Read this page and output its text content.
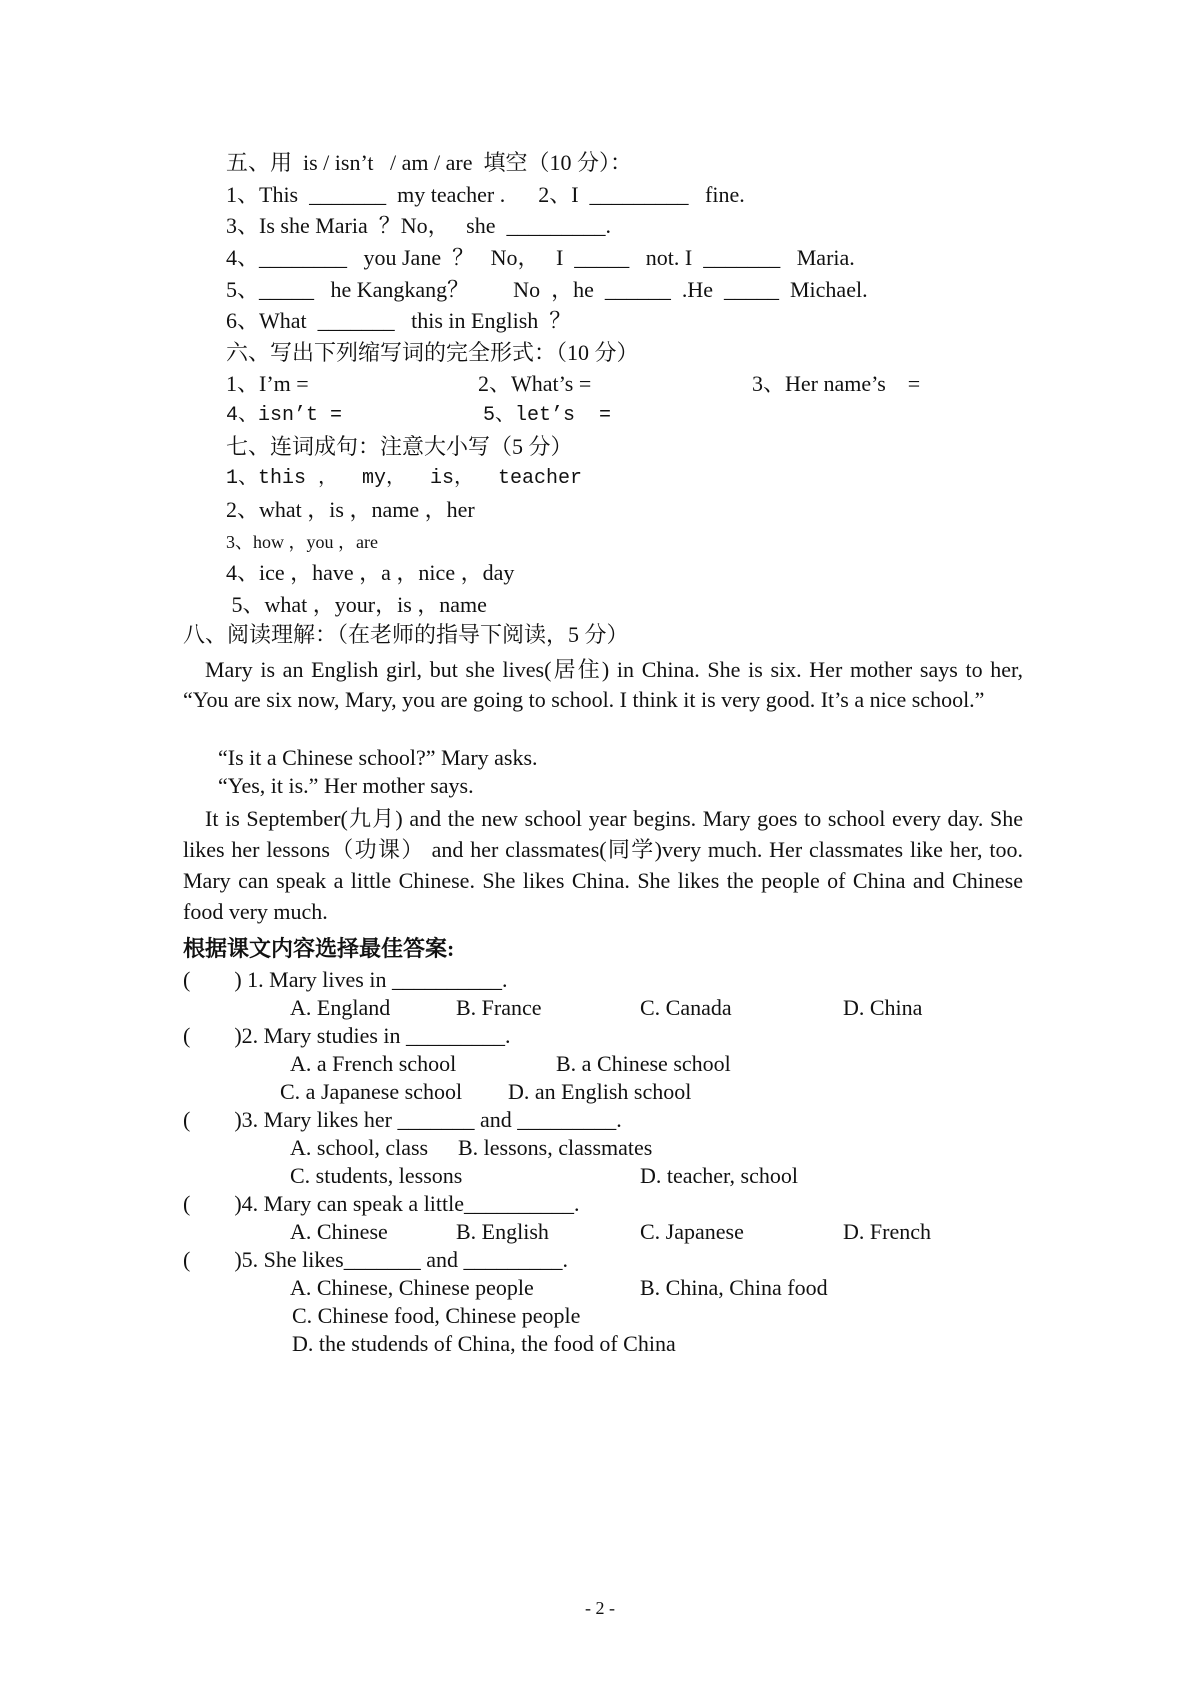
五、用  is / isn’t   / am / are  填空（10 分）：
1、This  _______  my teacher .      2、I  _________   fine.
3、Is she Maria  ？No，   she  _________.
4、________   you Jane  ？   No，   I  _____   not. I  _______   Maria.
5、_____   he Kangkang？        No  ，he  ______  .He  _____  Michael.
6、What  _______   this in English  ？
六、写出下列缩写词的完全形式：（10 分）
1、I’m =	2、What’s =	3、Her name’s    =
4、isn’t =	5、let’s  =
七、连词成句：注意大小写（5 分）
1、this ，  my，  is，  teacher
2、what ，is ，name ，her
3、how ，you ，are
4、ice ，have ，a ，nice ，day
5、what ，your，is ，name
八、阅读理解：（在老师的指导下阅读，5 分）
Mary is an English girl, but she lives(居住) in China. She is six. Her mother says to her, “You are six now, Mary, you are going to school. I think it is very good. It’s a nice school.”
“Is it a Chinese school?” Mary asks.
“Yes, it is.” Her mother says.
It is September(九月) and the new school year begins. Mary goes to school every day. She likes her lessons（功课） and her classmates(同学)very much. Her classmates like her, too. Mary can speak a little Chinese. She likes China. She likes the people of China and Chinese food very much.
根据课文内容选择最佳答案:
(        ) 1. Mary lives in __________.
A. England	B. France	C. Canada	D. China
(        )2. Mary studies in _________.
A. a French school	B. a Chinese school
C. a Japanese school D. an English school
(        )3. Mary likes her _______ and _________.
A. school, class B. lessons, classmates
C. students, lessons	D. teacher, school
(        )4. Mary can speak a little__________.
A. Chinese	B. English	C. Japanese	D. French
(        )5. She likes_______ and _________.
A. Chinese, Chinese people	B. China, China food
C. Chinese food, Chinese people
D. the studends of China, the food of China
- 2 -
